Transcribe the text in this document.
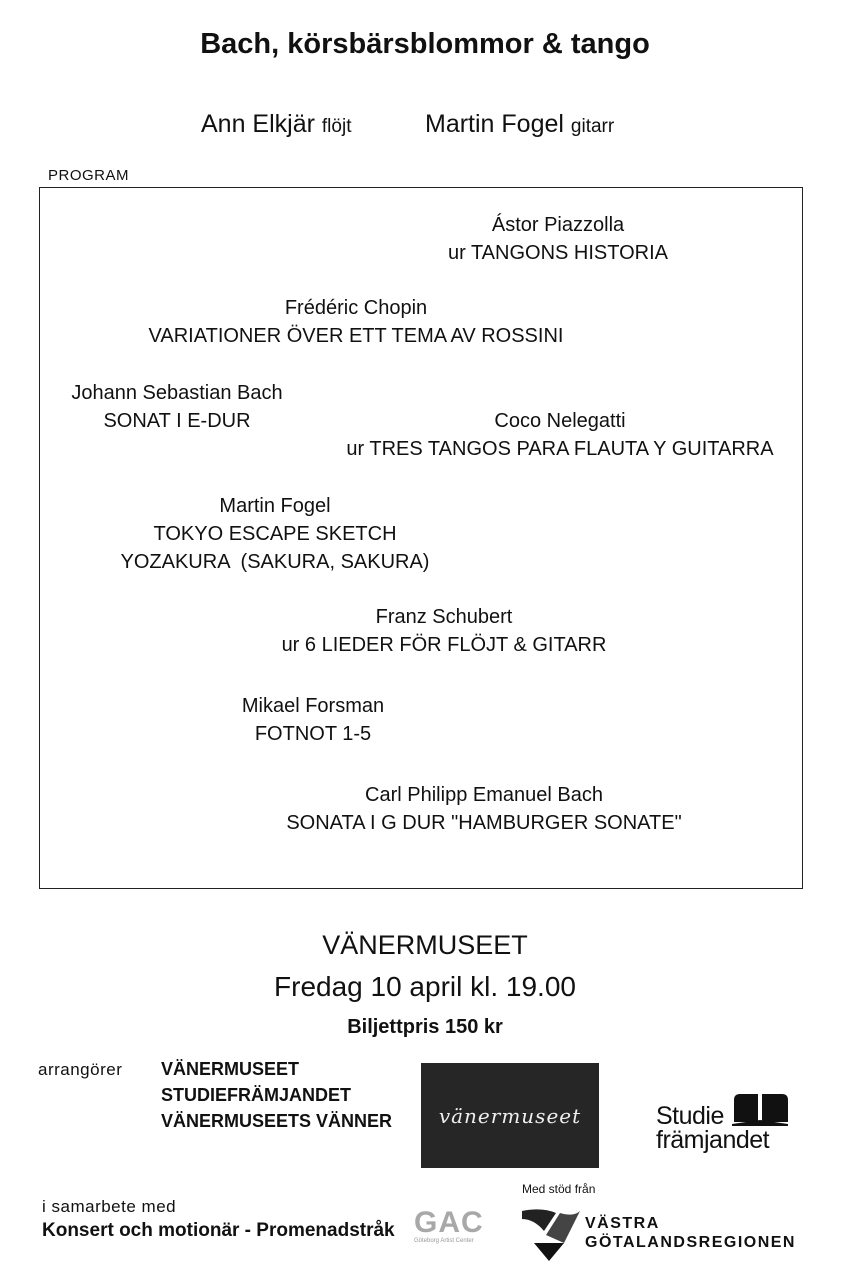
Bach, körsbärsblommor & tango
Ann Elkjär flöjt	Martin Fogel gitarr
PROGRAM
Ástor Piazzolla
ur TANGONS HISTORIA
Frédéric Chopin
VARIATIONER ÖVER ETT TEMA AV ROSSINI
Johann Sebastian Bach
SONAT I E-DUR	Coco Nelegatti
ur TRES TANGOS PARA FLAUTA Y GUITARRA
Martin Fogel
TOKYO ESCAPE SKETCH
YOZAKURA  (SAKURA, SAKURA)
Franz Schubert
ur 6 LIEDER FÖR FLÖJT & GITARR
Mikael Forsman
FOTNOT 1-5
Carl Philipp Emanuel Bach
SONATA I G DUR "HAMBURGER SONATE"
VÄNERMUSEET
Fredag 10 april kl. 19.00
Biljettpris 150 kr
arrangörer VÄNERMUSEET
STUDIEFRÄMJANDET
VÄNERMUSEETS VÄNNER vänermuseet	Studie
främjandet
i samarbete med
Konsert och motionär - Promenadstråk GAC
Göteborg Artist Center
Med stöd från
VÄSTRA
GÖTALANDSREGIONEN
